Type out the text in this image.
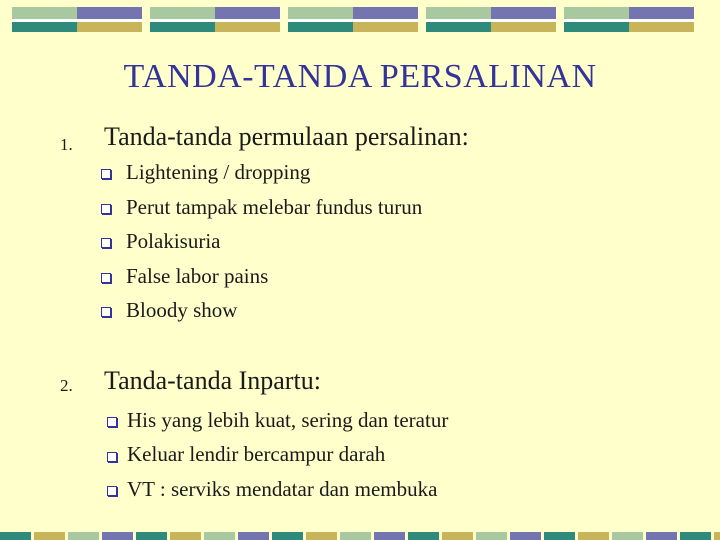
TANDA-TANDA PERSALINAN
1. Tanda-tanda permulaan persalinan:
Lightening / dropping
Perut tampak melebar fundus turun
Polakisuria
False labor pains
Bloody show
2. Tanda-tanda Inpartu:
His yang lebih kuat, sering dan teratur
Keluar lendir bercampur darah
VT : serviks mendatar dan membuka
